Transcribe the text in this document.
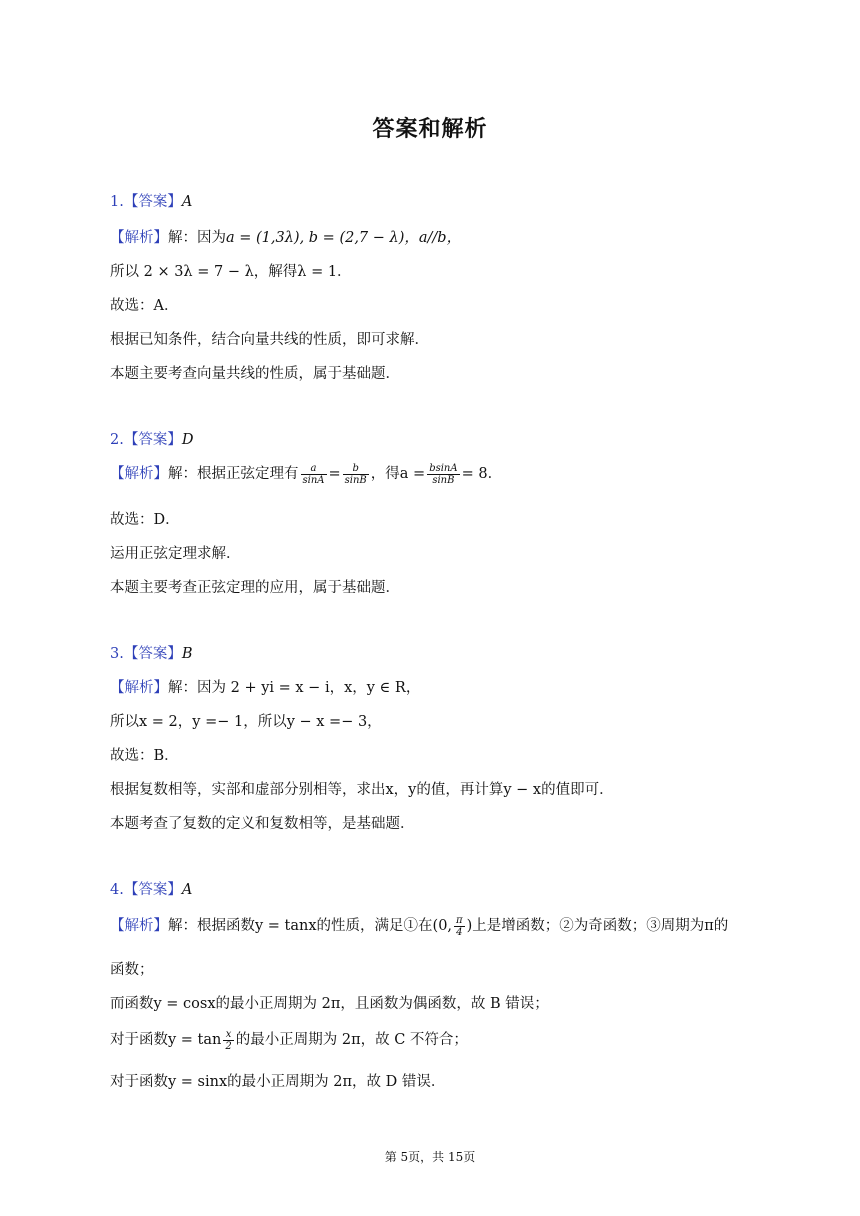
答案和解析
1.【答案】A
【解析】解：因为a = (1,3λ), b = (2,7 − λ)，a//b，
所以 2 × 3λ = 7 − λ，解得λ = 1．
故选：A．
根据已知条件，结合向量共线的性质，即可求解．
本题主要考查向量共线的性质，属于基础题．
2.【答案】D
【解析】解：根据正弦定理有 $\frac{a}{\sin A} = \frac{b}{\sin B}$ ，得$a = \frac{bsinA}{\sin B} = 8$．
故选：D．
运用正弦定理求解．
本题主要考查正弦定理的应用，属于基础题．
3.【答案】B
【解析】解：因为 2 + yi = x − i，x，y ∈ R，
所以x = 2，y =− 1，所以y − x =− 3，
故选：B．
根据复数相等，实部和虚部分别相等，求出x，y的值，再计算y − x的值即可．
本题考查了复数的定义和复数相等，是基础题．
4.【答案】A
【解析】解：根据函数y = tanx的性质，满足①在(0, $\frac{\pi}{4}$ )上是增函数；②为奇函数；③周期为π的
函数；
而函数y = cosx的最小正周期为 2π，且函数为偶函数，故 B 错误；
对于函数$y = \tan \frac{x}{2}$ 的最小正周期为 2π，故 C 不符合；
对于函数y = sinx的最小正周期为 2π，故 D 错误．
第 5页，共 15页
